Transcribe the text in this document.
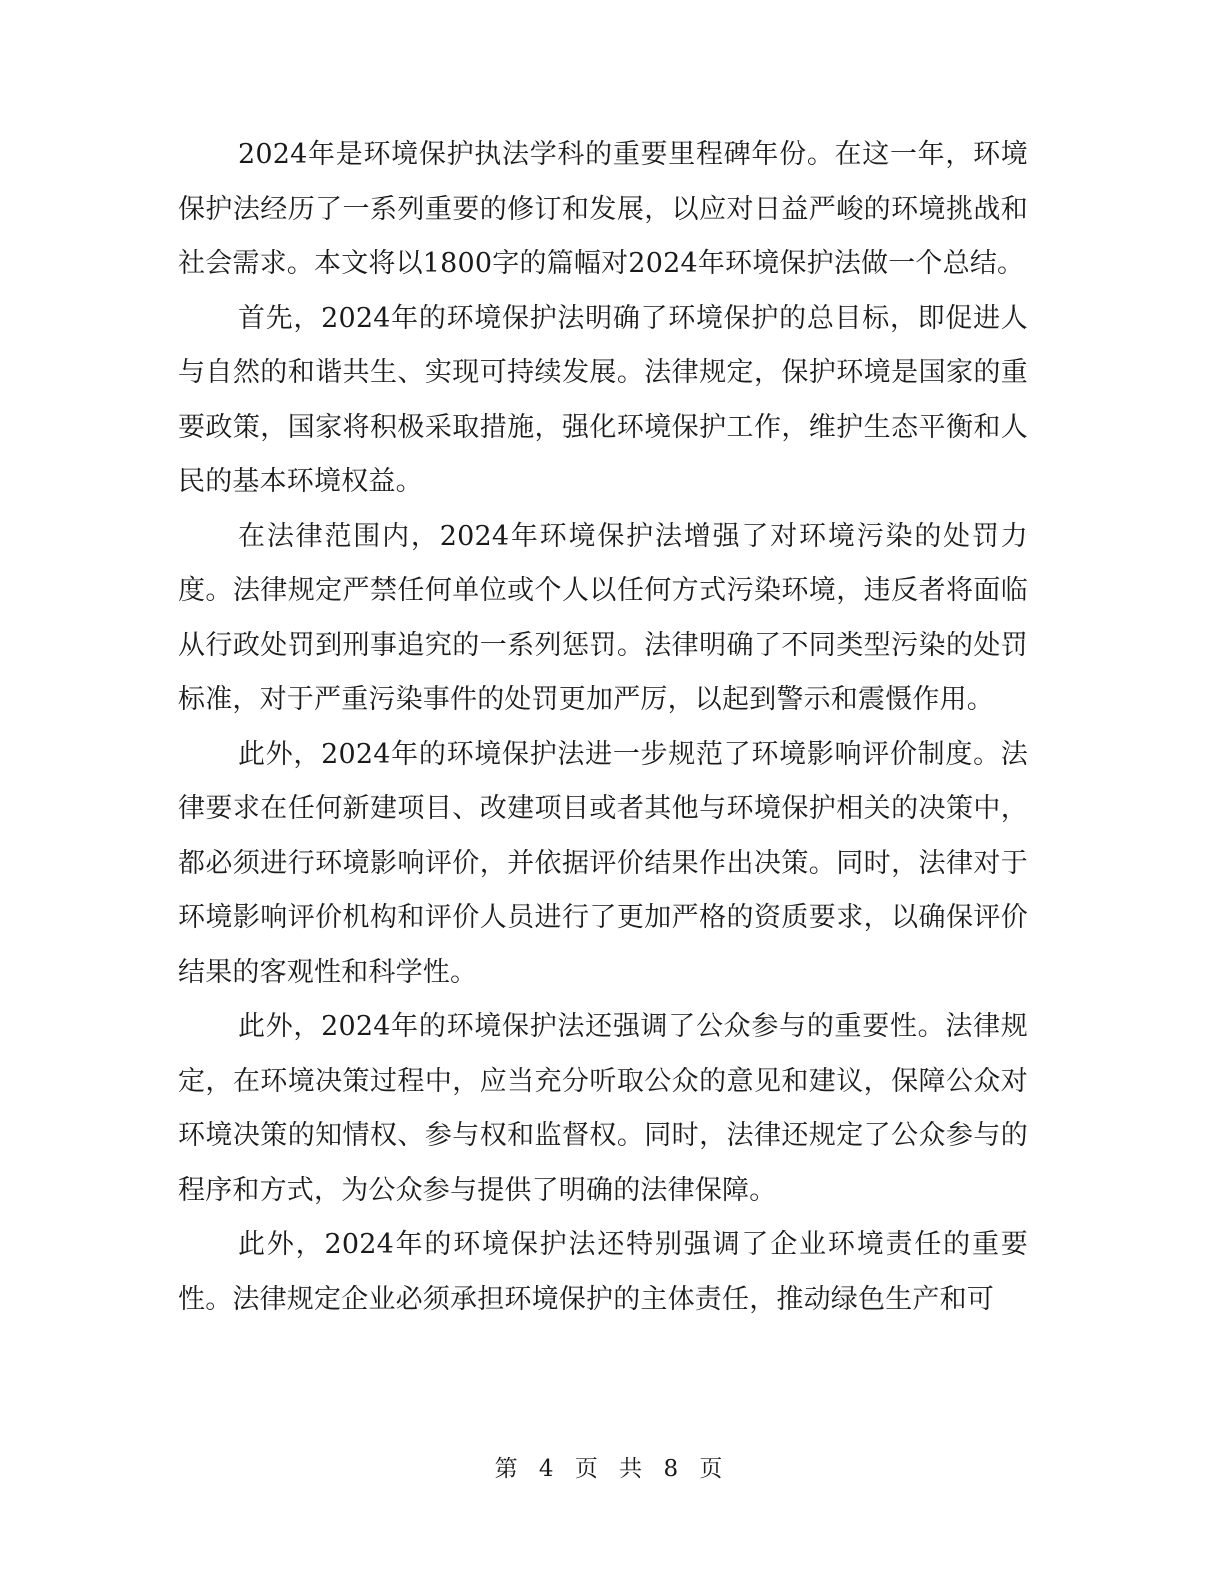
2024年是环境保护执法学科的重要里程碑年份。在这一年，环境保护法经历了一系列重要的修订和发展，以应对日益严峻的环境挑战和社会需求。本文将以1800字的篇幅对2024年环境保护法做一个总结。

首先，2024年的环境保护法明确了环境保护的总目标，即促进人与自然的和谐共生、实现可持续发展。法律规定，保护环境是国家的重要政策，国家将积极采取措施，强化环境保护工作，维护生态平衡和人民的基本环境权益。

在法律范围内，2024年环境保护法增强了对环境污染的处罚力度。法律规定严禁任何单位或个人以任何方式污染环境，违反者将面临从行政处罚到刑事追究的一系列惩罚。法律明确了不同类型污染的处罚标准，对于严重污染事件的处罚更加严厉，以起到警示和震慑作用。

此外，2024年的环境保护法进一步规范了环境影响评价制度。法律要求在任何新建项目、改建项目或者其他与环境保护相关的决策中，都必须进行环境影响评价，并依据评价结果作出决策。同时，法律对于环境影响评价机构和评价人员进行了更加严格的资质要求，以确保评价结果的客观性和科学性。

此外，2024年的环境保护法还强调了公众参与的重要性。法律规定，在环境决策过程中，应当充分听取公众的意见和建议，保障公众对环境决策的知情权、参与权和监督权。同时，法律还规定了公众参与的程序和方式，为公众参与提供了明确的法律保障。

此外，2024年的环境保护法还特别强调了企业环境责任的重要性。法律规定企业必须承担环境保护的主体责任，推动绿色生产和可

第 4 页 共 8 页
